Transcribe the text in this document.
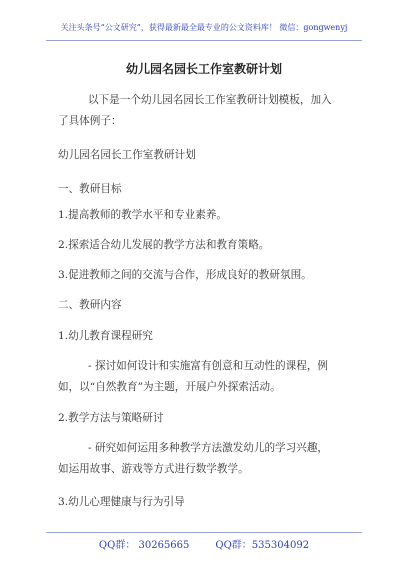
关注头条号“公文研究”，获得最新最全最专业的公文资料库！ 微信：gongwenyj
幼儿园名园长工作室教研计划
以下是一个幼儿园名园长工作室教研计划模板，加入
了具体例子：
幼儿园名园长工作室教研计划
一、教研目标
1.提高教师的教学水平和专业素养。
2.探索适合幼儿发展的教学方法和教育策略。
3.促进教师之间的交流与合作，形成良好的教研氛围。
二、教研内容
1.幼儿教育课程研究
- 探讨如何设计和实施富有创意和互动性的课程，例
如，以“自然教育”为主题，开展户外探索活动。
2.教学方法与策略研讨
- 研究如何运用多种教学方法激发幼儿的学习兴趣，
如运用故事、游戏等方式进行数学教学。
3.幼儿心理健康与行为引导
QQ群： 30265665	QQ群：535304092
